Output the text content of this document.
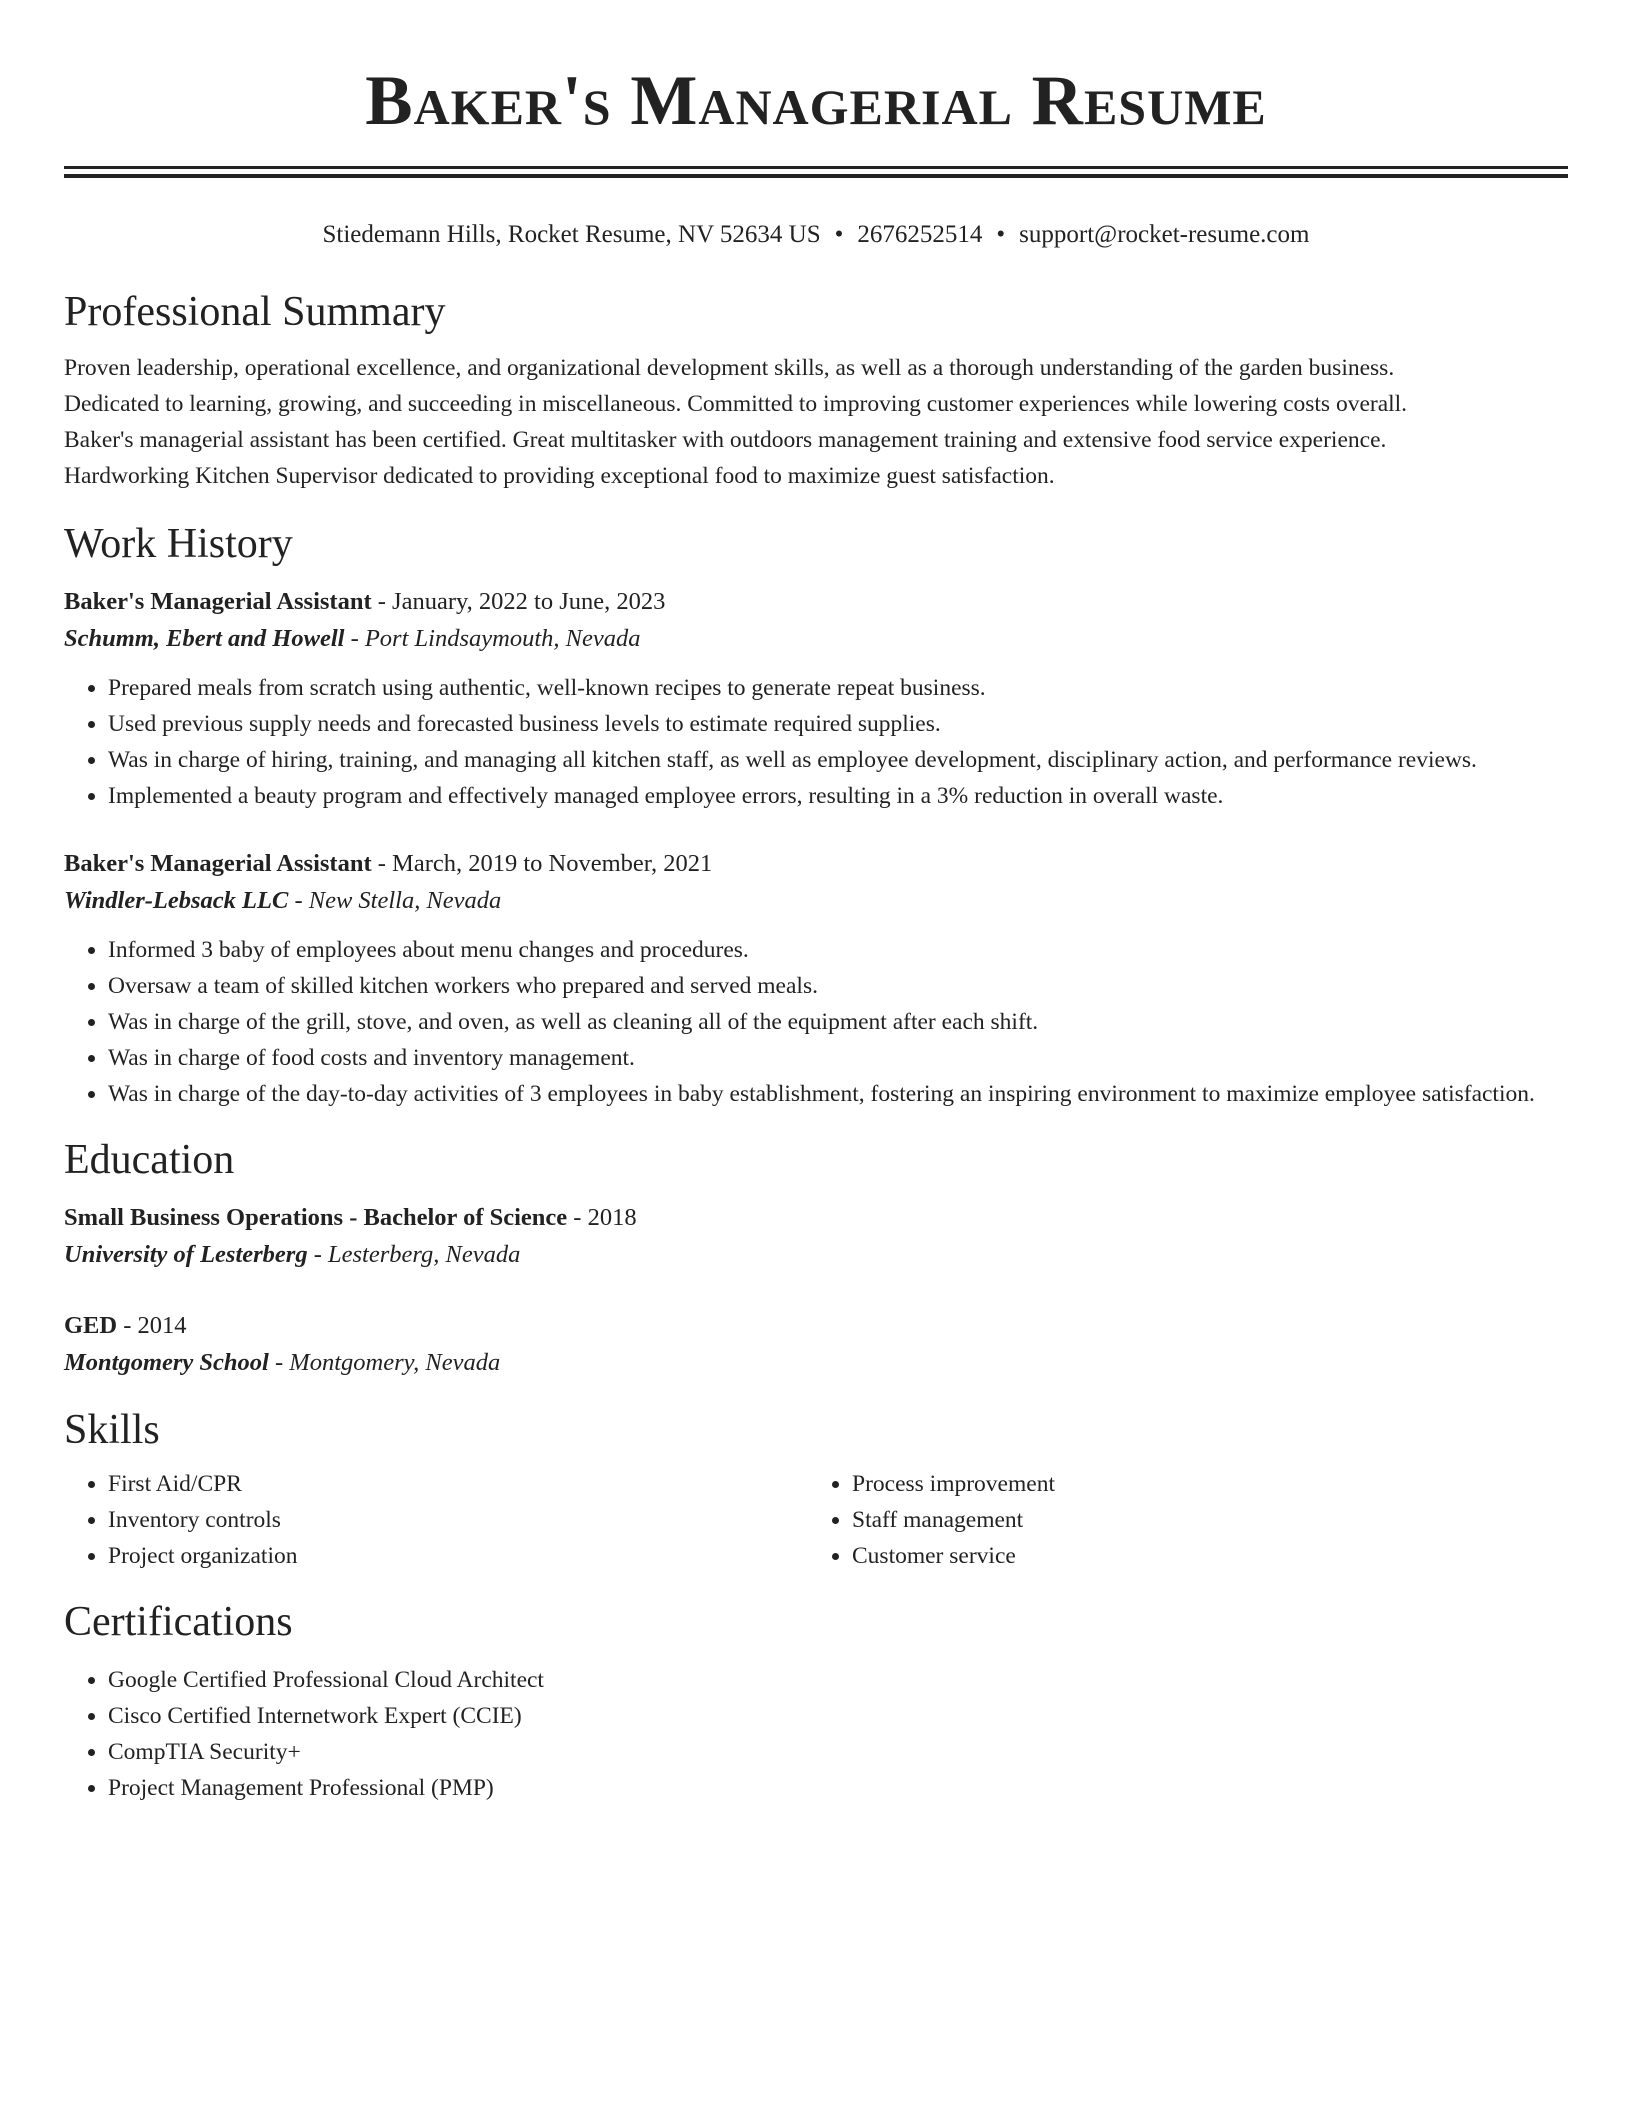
Baker's Managerial Resume
Stiedemann Hills, Rocket Resume, NV 52634 US • 2676252514 • support@rocket-resume.com
Professional Summary

Proven leadership, operational excellence, and organizational development skills, as well as a thorough understanding of the garden business.
Dedicated to learning, growing, and succeeding in miscellaneous. Committed to improving customer experiences while lowering costs overall.
Baker's managerial assistant has been certified. Great multitasker with outdoors management training and extensive food service experience.
Hardworking Kitchen Supervisor dedicated to providing exceptional food to maximize guest satisfaction.

Work History
Baker's Managerial Assistant - January, 2022 to June, 2023
Schumm, Ebert and Howell - Port Lindsaymouth, Nevada
• Prepared meals from scratch using authentic, well-known recipes to generate repeat business.
• Used previous supply needs and forecasted business levels to estimate required supplies.
• Was in charge of hiring, training, and managing all kitchen staff, as well as employee development, disciplinary action, and performance reviews.
• Implemented a beauty program and effectively managed employee errors, resulting in a 3% reduction in overall waste.
Baker's Managerial Assistant - March, 2019 to November, 2021
Windler-Lebsack LLC - New Stella, Nevada
• Informed 3 baby of employees about menu changes and procedures.
• Oversaw a team of skilled kitchen workers who prepared and served meals.
• Was in charge of the grill, stove, and oven, as well as cleaning all of the equipment after each shift.
• Was in charge of food costs and inventory management.
• Was in charge of the day-to-day activities of 3 employees in baby establishment, fostering an inspiring environment to maximize employee satisfaction.
Education
Small Business Operations - Bachelor of Science - 2018
University of Lesterberg - Lesterberg, Nevada
GED - 2014
Montgomery School - Montgomery, Nevada
Skills
• First Aid/CPR
• Inventory controls
• Project organization
• Process improvement
• Staff management
• Customer service
Certifications
• Google Certified Professional Cloud Architect
• Cisco Certified Internetwork Expert (CCIE)
• CompTIA Security+
• Project Management Professional (PMP)
